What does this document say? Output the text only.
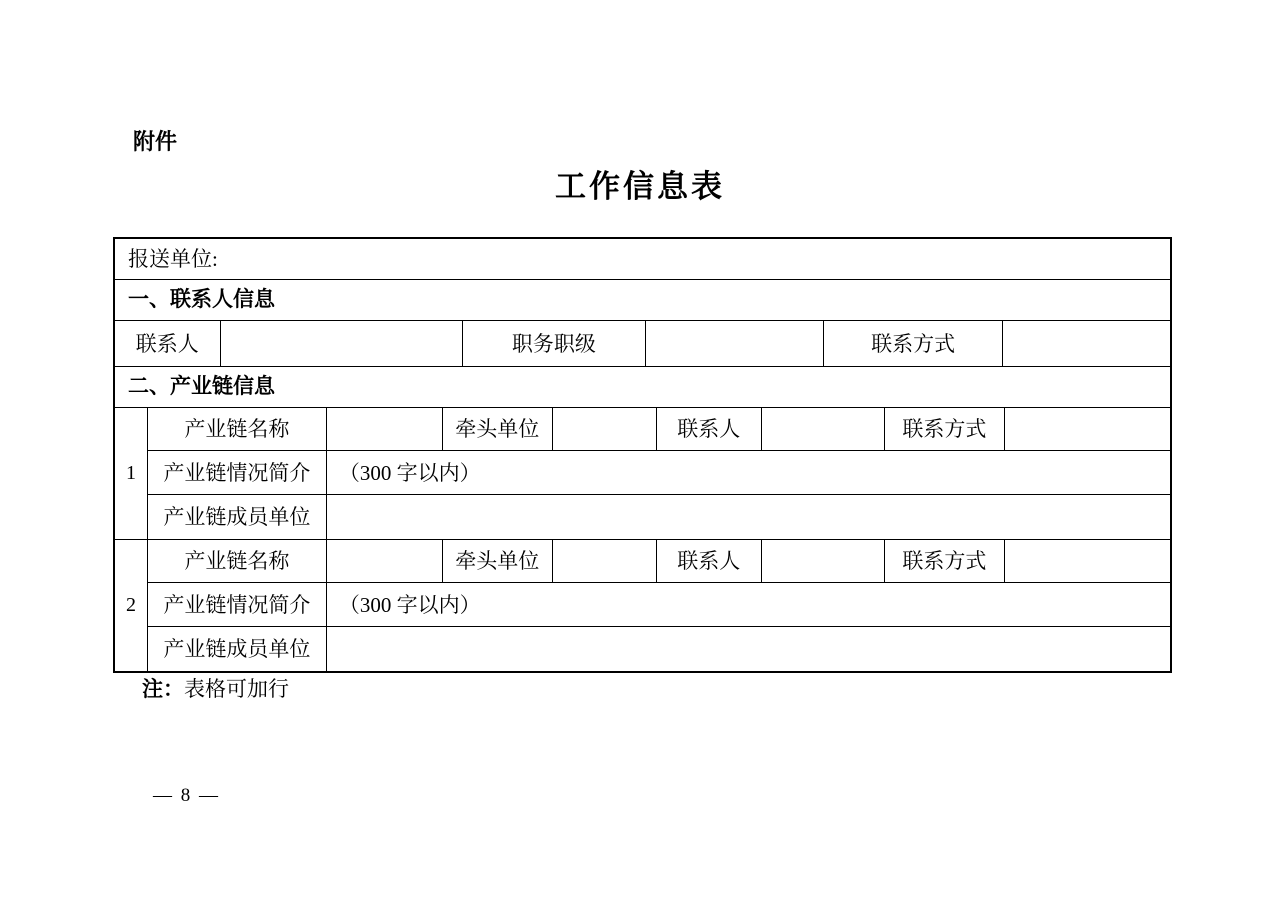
附件
工作信息表
报送单位:
一、联系人信息
联系人	职务职级	联系方式
二、产业链信息
1
产业链名称	牵头单位	联系人	联系方式
产业链情况简介	（300 字以内）
产业链成员单位
2
产业链名称	牵头单位	联系人	联系方式
产业链情况简介	（300 字以内）
产业链成员单位
注：表格可加行
— 8 —
